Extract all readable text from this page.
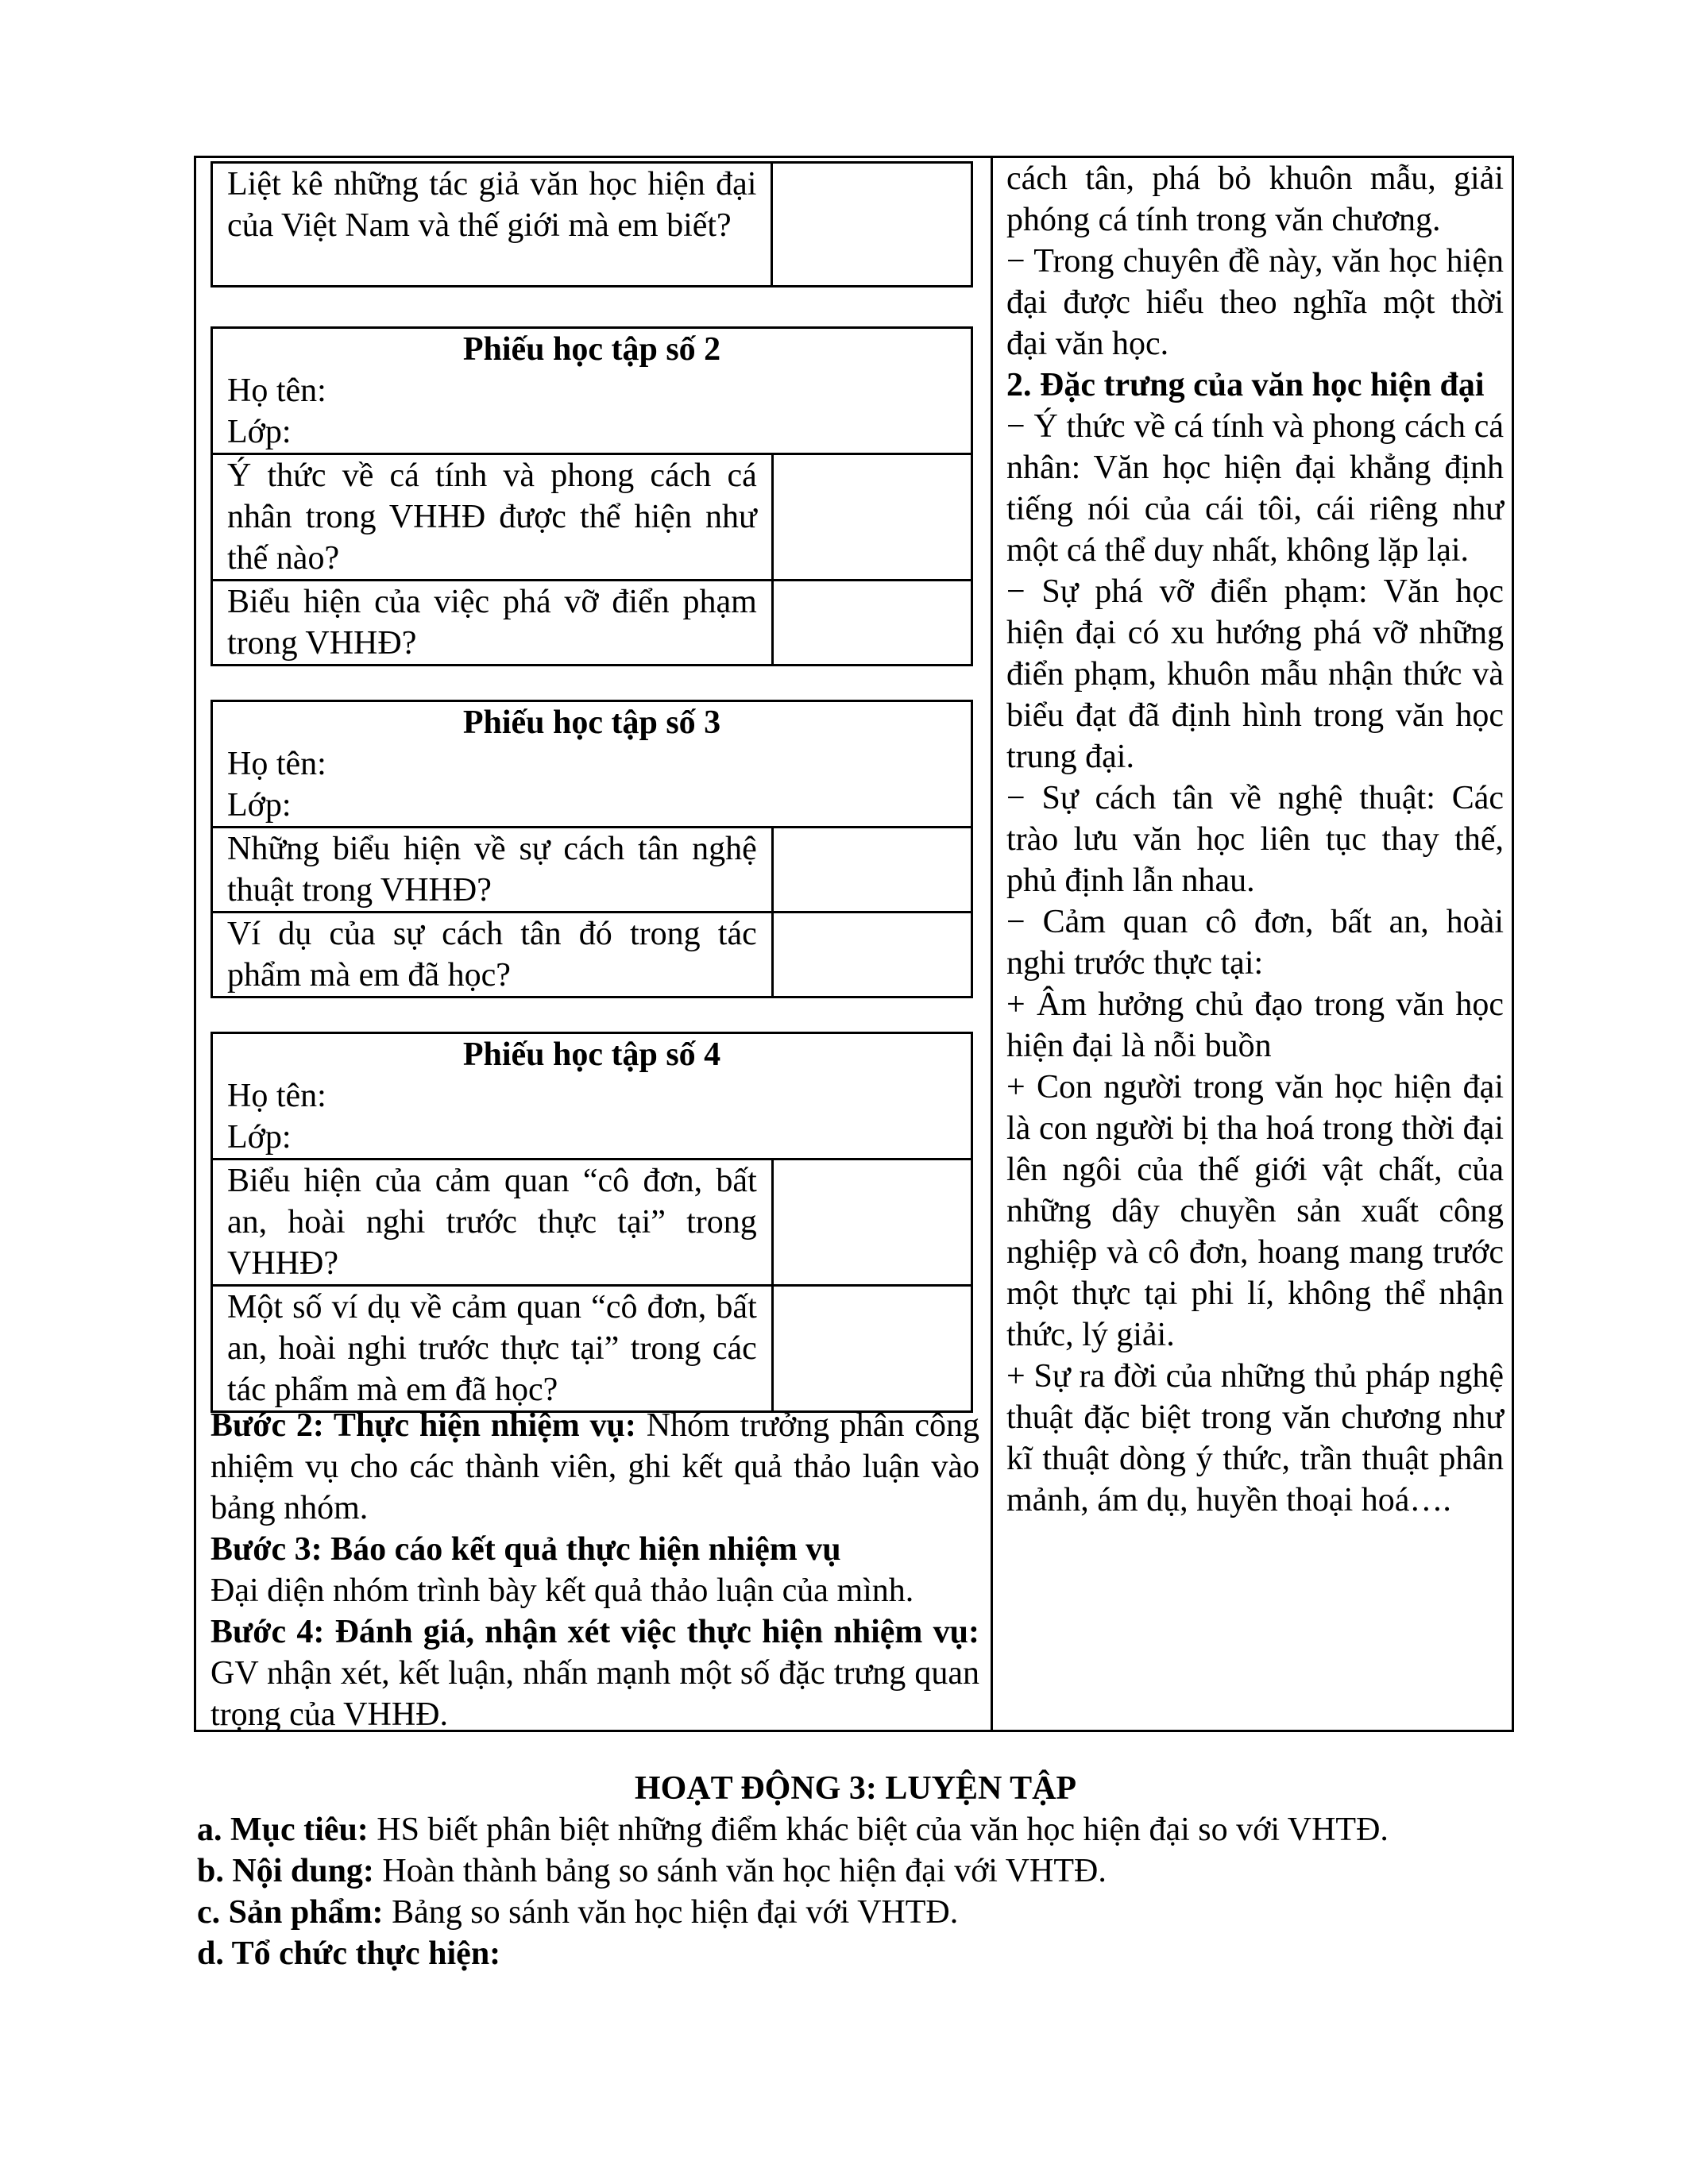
Liệt kê những tác giả văn học hiện đại của Việt Nam và thế giới mà em biết?	
Phiếu học tập số 2
Họ tên:
Lớp:	

Ý thức về cá tính và phong cách cá nhân trong VHHĐ được thể hiện như thế nào?	
Biểu hiện của việc phá vỡ điển phạm trong VHHĐ?	
Phiếu học tập số 3
Họ tên:
Lớp:	

Những biểu hiện về sự cách tân nghệ thuật trong VHHĐ?	
Ví dụ của sự cách tân đó trong tác phẩm mà em đã học?	
Phiếu học tập số 4
Họ tên:
Lớp:	

Biểu hiện của cảm quan “cô đơn, bất an, hoài nghi trước thực tại” trong VHHĐ?	
Một số ví dụ về cảm quan “cô đơn, bất an, hoài nghi trước thực tại” trong các tác phẩm mà em đã học?	

Bước 2: Thực hiện nhiệm vụ: Nhóm trưởng phân công nhiệm vụ cho các thành viên, ghi kết quả thảo luận vào bảng nhóm.

Bước 3: Báo cáo kết quả thực hiện nhiệm vụ

Đại diện nhóm trình bày kết quả thảo luận của mình.

Bước 4: Đánh giá, nhận xét việc thực hiện nhiệm vụ: GV nhận xét, kết luận, nhấn mạnh một số đặc trưng quan trọng của VHHĐ.

cách tân, phá bỏ khuôn mẫu, giải phóng cá tính trong văn chương.

− Trong chuyên đề này, văn học hiện đại được hiểu theo nghĩa một thời đại văn học.

2. Đặc trưng của văn học hiện đại

− Ý thức về cá tính và phong cách cá nhân: Văn học hiện đại khẳng định tiếng nói của cái tôi, cái riêng như một cá thể duy nhất, không lặp lại.

− Sự phá vỡ điển phạm: Văn học hiện đại có xu hướng phá vỡ những điển phạm, khuôn mẫu nhận thức và biểu đạt đã định hình trong văn học trung đại.

− Sự cách tân về nghệ thuật: Các trào lưu văn học liên tục thay thế, phủ định lẫn nhau.

− Cảm quan cô đơn, bất an, hoài nghi trước thực tại:

+ Âm hưởng chủ đạo trong văn học hiện đại là nỗi buồn

+ Con người trong văn học hiện đại là con người bị tha hoá trong thời đại lên ngôi của thế giới vật chất, của những dây chuyền sản xuất công nghiệp và cô đơn, hoang mang trước một thực tại phi lí, không thể nhận thức, lý giải.

+ Sự ra đời của những thủ pháp nghệ thuật đặc biệt trong văn chương như kĩ thuật dòng ý thức, trần thuật phân mảnh, ám dụ, huyền thoại hoá….

HOẠT ĐỘNG 3: LUYỆN TẬP

a. Mục tiêu: HS biết phân biệt những điểm khác biệt của văn học hiện đại so với VHTĐ.

b. Nội dung: Hoàn thành bảng so sánh văn học hiện đại với VHTĐ.

c. Sản phẩm: Bảng so sánh văn học hiện đại với VHTĐ.

d. Tổ chức thực hiện:
